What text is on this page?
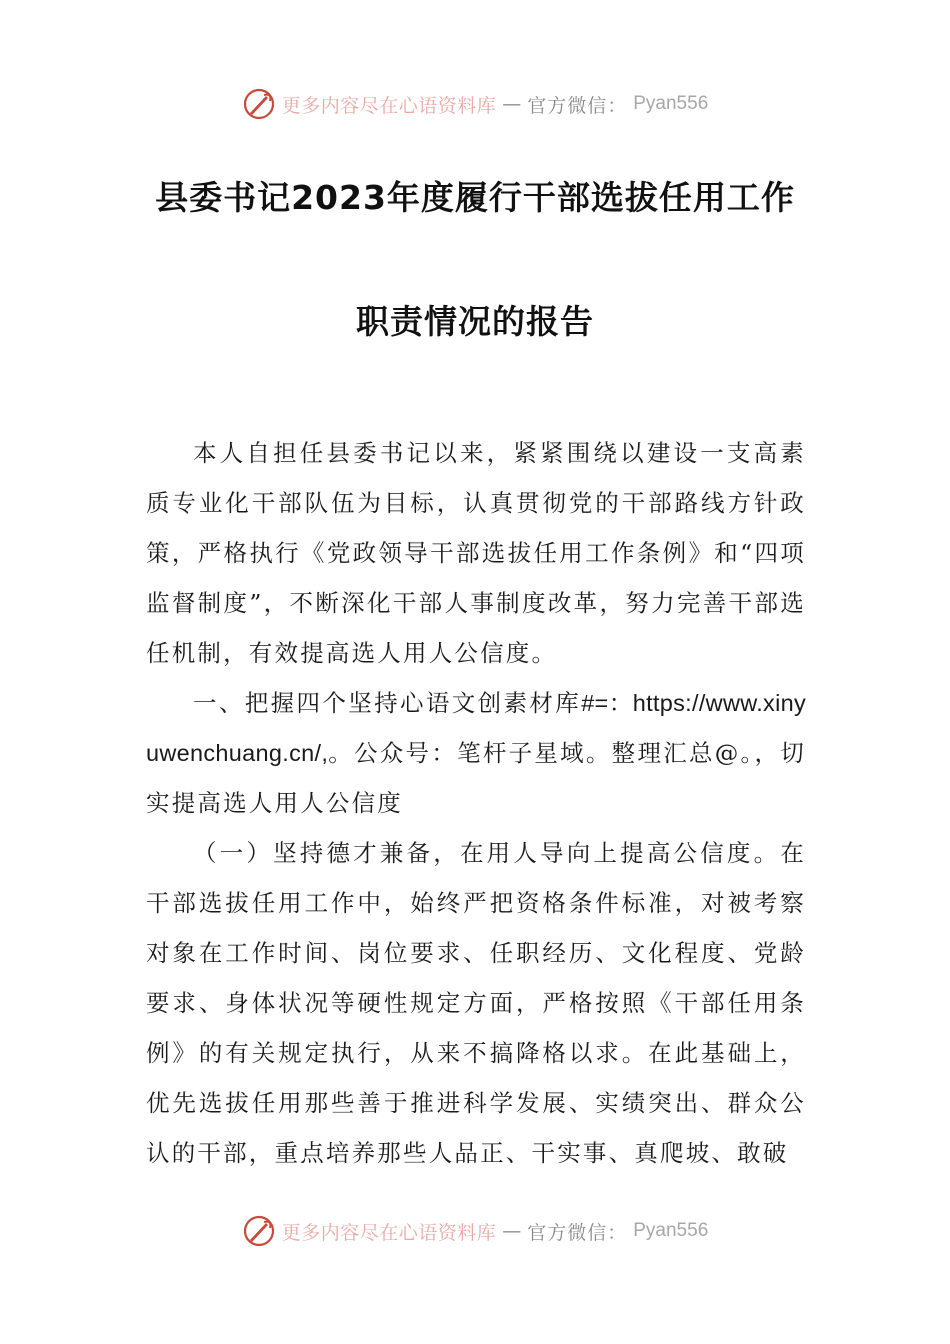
更多内容尽在心语资料库 — 官方微信： Pyan556
县委书记2023年度履行干部选拔任用工作
职责情况的报告

本人自担任县委书记以来，紧紧围绕以建设一支高素质专业化干部队伍为目标，认真贯彻党的干部路线方针政策，严格执行《党政领导干部选拔任用工作条例》和“四项监督制度”，不断深化干部人事制度改革，努力完善干部选任机制，有效提高选人用人公信度。

一、把握四个坚持心语文创素材库#=：https://www.xinyuwenchuang.cn/,。公众号：笔杆子星域。整理汇总@。，切实提高选人用人公信度

（一）坚持德才兼备，在用人导向上提高公信度。在干部选拔任用工作中，始终严把资格条件标准，对被考察对象在工作时间、岗位要求、任职经历、文化程度、党龄要求、身体状况等硬性规定方面，严格按照《干部任用条例》的有关规定执行，从来不搞降格以求。在此基础上，优先选拔任用那些善于推进科学发展、实绩突出、群众公认的干部，重点培养那些人品正、干实事、真爬坡、敢破

更多内容尽在心语资料库 — 官方微信： Pyan556
